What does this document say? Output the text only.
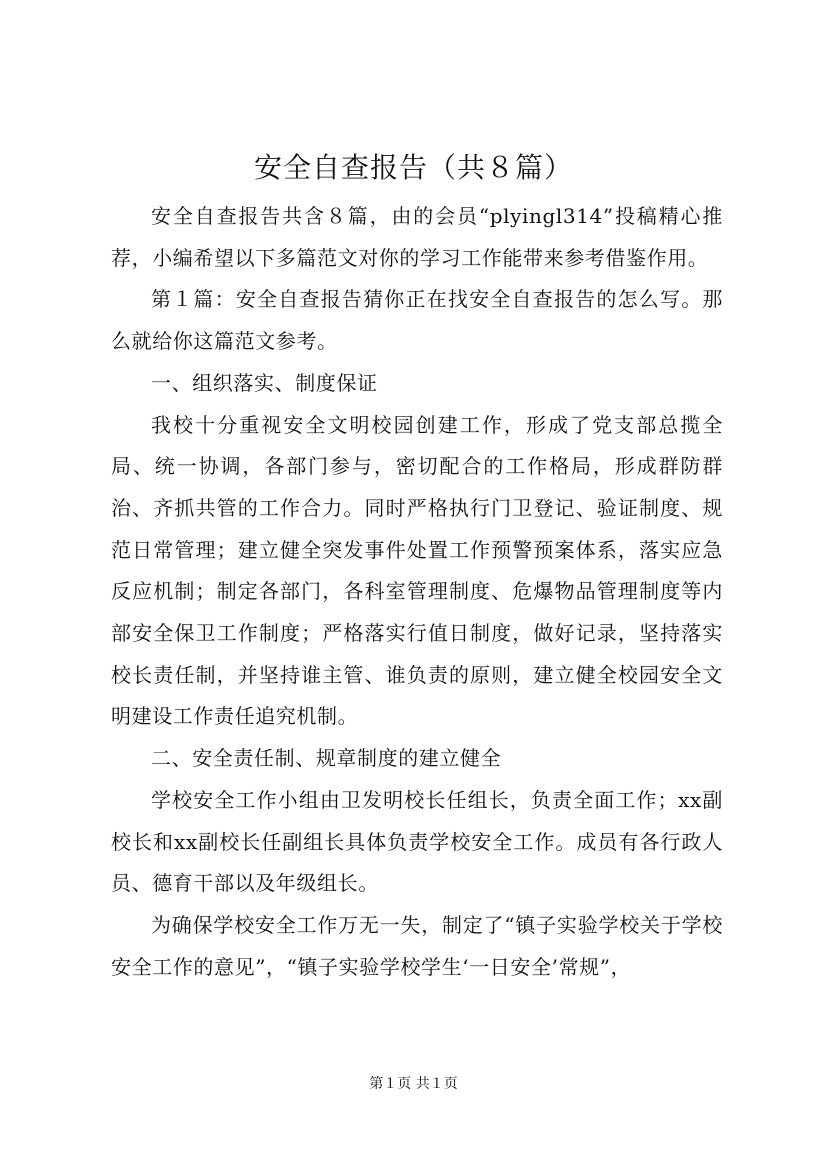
安全自查报告（共８篇）

安全自查报告共含８篇，由的会员“plyingl314”投稿精心推荐，小编希望以下多篇范文对你的学习工作能带来参考借鉴作用。

第１篇：安全自查报告猜你正在找安全自查报告的怎么写。那么就给你这篇范文参考。

一、组织落实、制度保证

我校十分重视安全文明校园创建工作，形成了党支部总揽全局、统一协调，各部门参与，密切配合的工作格局，形成群防群治、齐抓共管的工作合力。同时严格执行门卫登记、验证制度、规范日常管理；建立健全突发事件处置工作预警预案体系，落实应急反应机制；制定各部门，各科室管理制度、危爆物品管理制度等内部安全保卫工作制度；严格落实行值日制度，做好记录，坚持落实校长责任制，并坚持谁主管、谁负责的原则，建立健全校园安全文明建设工作责任追究机制。

二、安全责任制、规章制度的建立健全

学校安全工作小组由卫发明校长任组长，负责全面工作；xx副校长和xx副校长任副组长具体负责学校安全工作。成员有各行政人员、德育干部以及年级组长。

为确保学校安全工作万无一失，制定了“镇子实验学校关于学校安全工作的意见”，“镇子实验学校学生‘一日安全’常规”，

第１页 共１页
